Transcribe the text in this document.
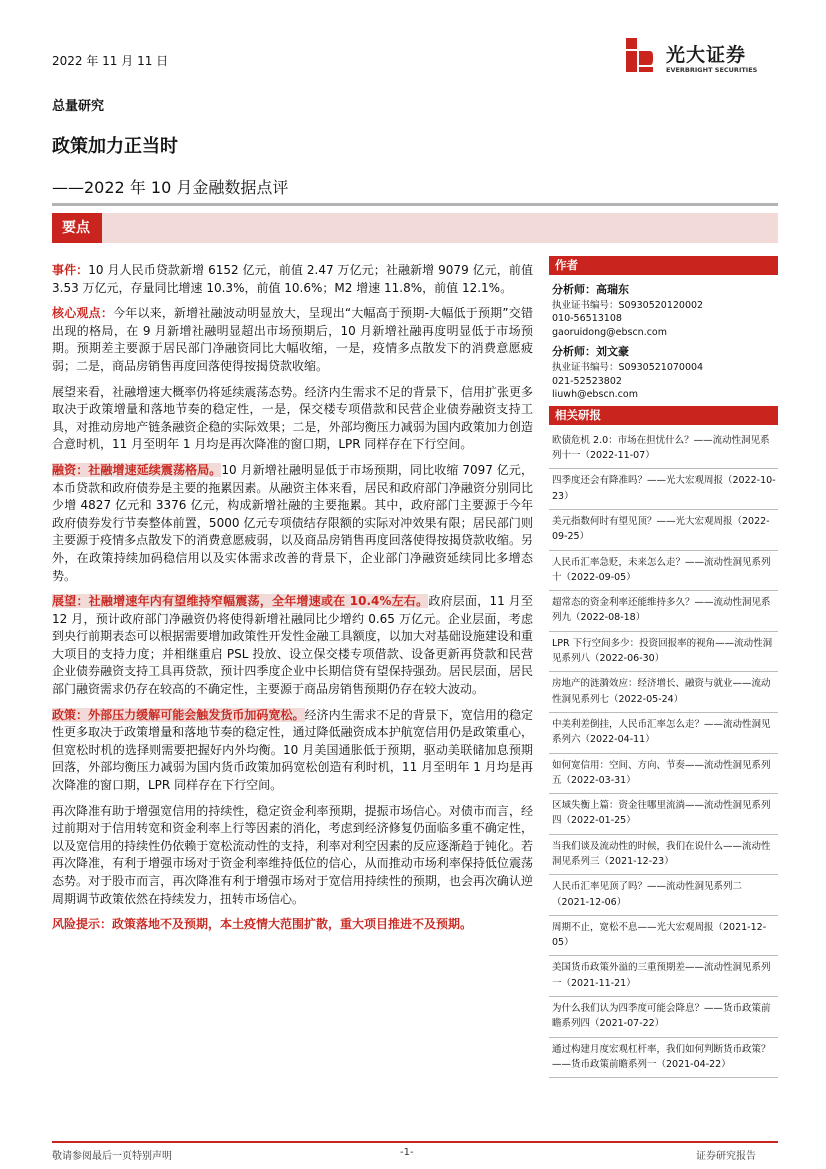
2022 年 11 月 11 日	光大证券
EVERBRIGHT SECURITIES
总量研究
政策加力正当时
——2022 年 10 月金融数据点评
要点

事件：10 月人民币贷款新增 6152 亿元，前值 2.47 万亿元；社融新增 9079 亿元，前值 3.53 万亿元，存量同比增速 10.3%，前值 10.6%；M2 增速 11.8%，前值 12.1%。

核心观点：今年以来，新增社融波动明显放大，呈现出“大幅高于预期-大幅低于预期”交错出现的格局，在 9 月新增社融明显超出市场预期后，10 月新增社融再度明显低于市场预期。预期差主要源于居民部门净融资同比大幅收缩，一是，疫情多点散发下的消费意愿疲弱；二是，商品房销售再度回落使得按揭贷款收缩。

展望来看，社融增速大概率仍将延续震荡态势。经济内生需求不足的背景下，信用扩张更多取决于政策增量和落地节奏的稳定性，一是，保交楼专项借款和民营企业债券融资支持工具，对推动房地产链条融资企稳的实际效果；二是，外部均衡压力减弱为国内政策加力创造合意时机，11 月至明年 1 月均是再次降准的窗口期，LPR 同样存在下行空间。

融资：社融增速延续震荡格局。10 月新增社融明显低于市场预期，同比收缩 7097 亿元，本币贷款和政府债券是主要的拖累因素。从融资主体来看，居民和政府部门净融资分别同比少增 4827 亿元和 3376 亿元，构成新增社融的主要拖累。其中，政府部门主要源于今年政府债券发行节奏整体前置，5000 亿元专项债结存限额的实际对冲效果有限；居民部门则主要源于疫情多点散发下的消费意愿疲弱，以及商品房销售再度回落使得按揭贷款收缩。另外，在政策持续加码稳信用以及实体需求改善的背景下，企业部门净融资延续同比多增态势。

展望：社融增速年内有望维持窄幅震荡，全年增速或在 10.4%左右。政府层面，11 月至 12 月，预计政府部门净融资仍将使得新增社融同比少增约 0.65 万亿元。企业层面，考虑到央行前期表态可以根据需要增加政策性开发性金融工具额度，以加大对基础设施建设和重大项目的支持力度；并相继重启 PSL 投放、设立保交楼专项借款、设备更新再贷款和民营企业债券融资支持工具再贷款，预计四季度企业中长期信贷有望保持强劲。居民层面，居民部门融资需求仍存在较高的不确定性，主要源于商品房销售预期仍存在较大波动。

政策：外部压力缓解可能会触发货币加码宽松。经济内生需求不足的背景下，宽信用的稳定性更多取决于政策增量和落地节奏的稳定性，通过降低融资成本护航宽信用仍是政策重心，但宽松时机的选择则需要把握好内外均衡。10 月美国通胀低于预期，驱动美联储加息预期回落，外部均衡压力减弱为国内货币政策加码宽松创造有利时机，11 月至明年 1 月均是再次降准的窗口期，LPR 同样存在下行空间。

再次降准有助于增强宽信用的持续性，稳定资金利率预期，提振市场信心。对债市而言，经过前期对于信用转宽和资金利率上行等因素的消化，考虑到经济修复仍面临多重不确定性，以及宽信用的持续性仍依赖于宽松流动性的支持，利率对利空因素的反应逐渐趋于钝化。若再次降准，有利于增强市场对于资金利率维持低位的信心，从而推动市场利率保持低位震荡态势。对于股市而言，再次降准有利于增强市场对于宽信用持续性的预期，也会再次确认逆周期调节政策依然在持续发力，扭转市场信心。

风险提示：政策落地不及预期，本土疫情大范围扩散，重大项目推进不及预期。

作者
分析师：高瑞东
执业证书编号：S0930520120002
010-56513108
gaoruidong@ebscn.com
分析师：刘文豪
执业证书编号：S0930521070004
021-52523802
liuwh@ebscn.com
相关研报
欧债危机 2.0：市场在担忧什么？——流动性洞见系列十一（2022-11-07）
四季度还会有降准吗？——光大宏观周报（2022-10-23）
美元指数何时有望见顶？——光大宏观周报（2022-09-25）
人民币汇率急贬，未来怎么走？——流动性洞见系列十（2022-09-05）
超常态的资金利率还能维持多久？——流动性洞见系列九（2022-08-18）
LPR 下行空间多少：投资回报率的视角——流动性洞见系列八（2022-06-30）
房地产的涟漪效应：经济增长、融资与就业——流动性洞见系列七（2022-05-24）
中美利差倒挂，人民币汇率怎么走？——流动性洞见系列六（2022-04-11）
如何宽信用：空间、方向、节奏——流动性洞见系列五（2022-03-31）
区域失衡上篇：资金往哪里流淌——流动性洞见系列四（2022-01-25）
当我们谈及流动性的时候，我们在说什么——流动性洞见系列三（2021-12-23）
人民币汇率见顶了吗？——流动性洞见系列二（2021-12-06）
周期不止，宽松不息——光大宏观周报（2021-12-05）
美国货币政策外溢的三重预期差——流动性洞见系列一（2021-11-21）
为什么我们认为四季度可能会降息？——货币政策前瞻系列四（2021-07-22）
通过构建月度宏观杠杆率，我们如何判断货币政策？——货币政策前瞻系列一（2021-04-22）
敬请参阅最后一页特别声明	-1-	证券研究报告
